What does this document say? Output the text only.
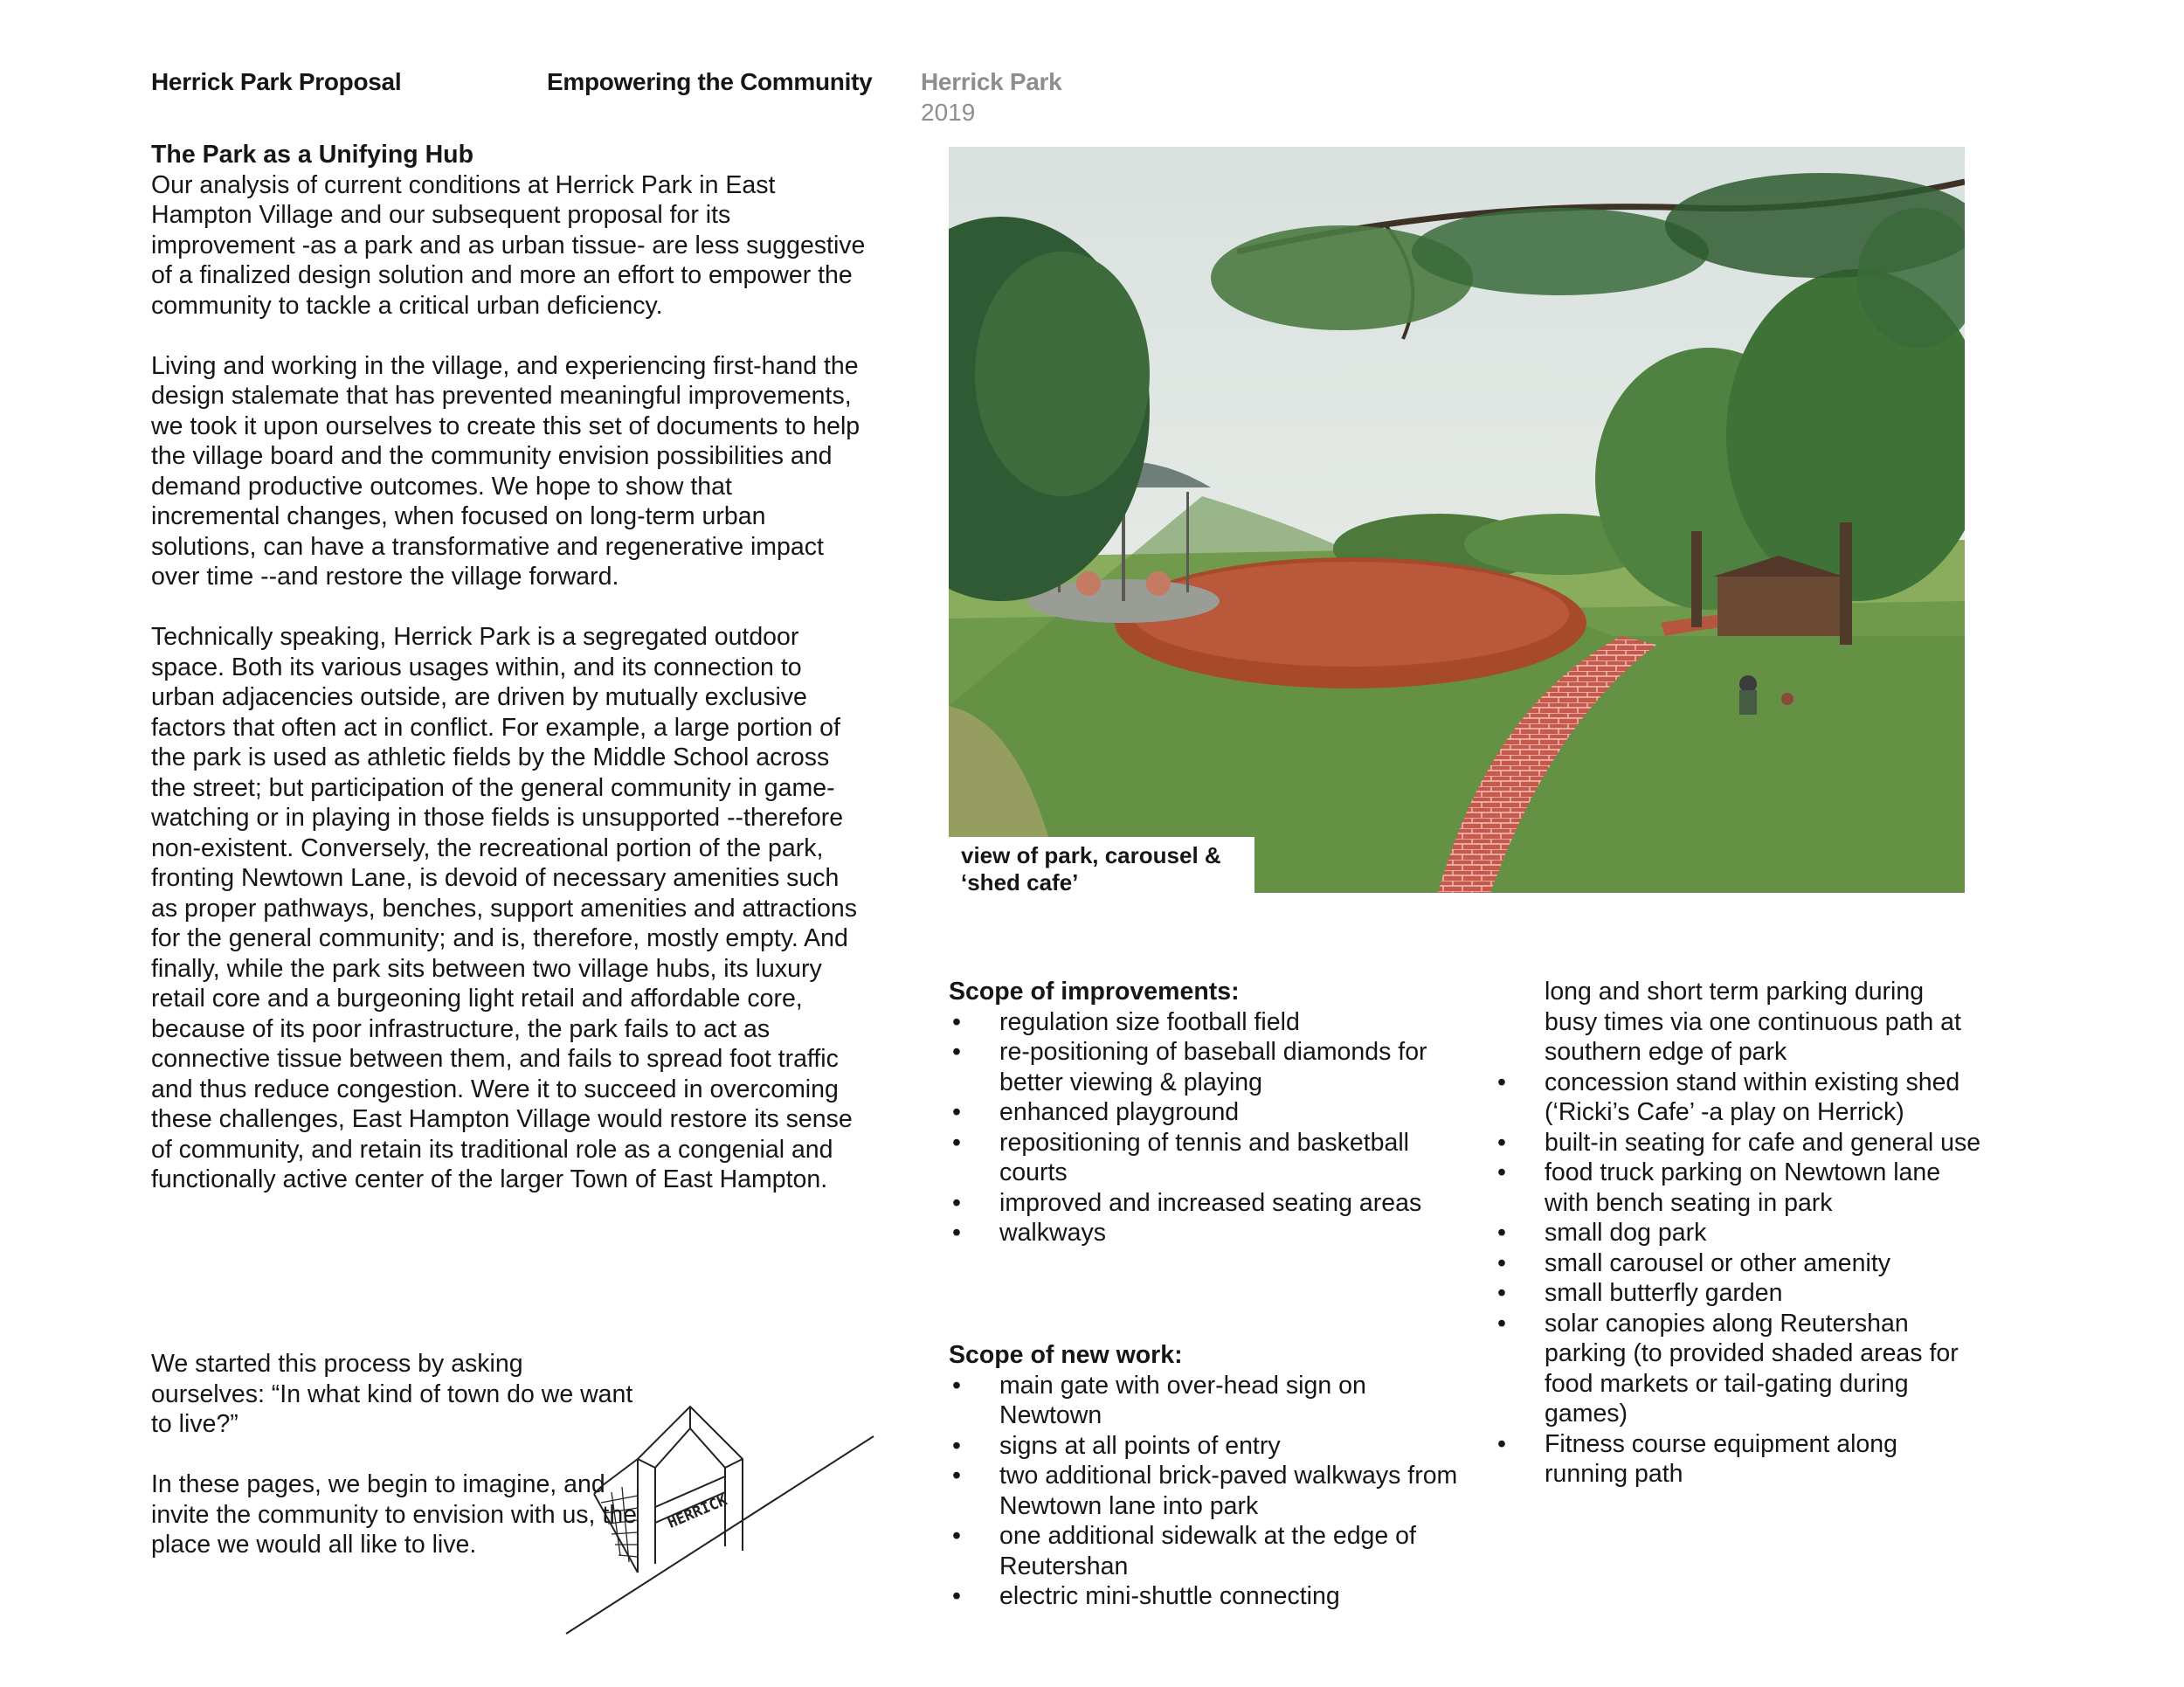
Herrick Park Proposal	Empowering the Community Herrick Park
2019
The Park as a Unifying Hub

Our analysis of current conditions at Herrick Park in East Hampton Village and our subsequent proposal for its improvement -as a park and as urban tissue- are less suggestive of a finalized design solution and more an effort to empower the community to tackle a critical urban deficiency.

Living and working in the village, and experiencing first-hand the design stalemate that has prevented meaningful improvements, we took it upon ourselves to create this set of documents to help the village board and the community envision possibilities and demand productive outcomes. We hope to show that incremental changes, when focused on long-term urban solutions, can have a transformative and regenerative impact over time --and restore the village forward.

Technically speaking, Herrick Park is a segregated outdoor space. Both its various usages within, and its connection to urban adjacencies outside, are driven by mutually exclusive factors that often act in conflict. For example, a large portion of the park is used as athletic fields by the Middle School across the street; but participation of the general community in game-watching or in playing in those fields is unsupported --therefore non-existent. Conversely, the recreational portion of the park, fronting Newtown Lane, is devoid of necessary amenities such as proper pathways, benches, support amenities and attractions for the general community; and is, therefore, mostly empty. And finally, while the park sits between two village hubs, its luxury retail core and a burgeoning light retail and affordable core, because of its poor infrastructure, the park fails to act as connective tissue between them, and fails to spread foot traffic and thus reduce congestion. Were it to succeed in overcoming these challenges, East Hampton Village would restore its sense of community, and retain its traditional role as a congenial and functionally active center of the larger Town of East Hampton.

We started this process by asking ourselves: “In what kind of town do we want to live?”

In these pages, we begin to imagine, and invite the community to envision with us, the place we would all like to live.

HERRICK
view of park, carousel & ‘shed cafe’
Scope of improvements:
• regulation size football field
• re-positioning of baseball diamonds for better viewing & playing
• enhanced playground
• repositioning of tennis and basketball courts
• improved and increased seating areas
• walkways
Scope of new work:
• main gate with over-head sign on Newtown
• signs at all points of entry
• two additional brick-paved walkways from Newtown lane into park
• one additional sidewalk at the edge of Reutershan
• electric mini-shuttle connecting
long and short term parking during busy times via one continuous path at southern edge of park
• concession stand within existing shed (‘Ricki’s Cafe’ -a play on Herrick)
• built-in seating for cafe and general use
• food truck parking on Newtown lane with bench seating in park
• small dog park
• small carousel or other amenity
• small butterfly garden
• solar canopies along Reutershan parking (to provided shaded areas for food markets or tail-gating during games)
• Fitness course equipment along running path
